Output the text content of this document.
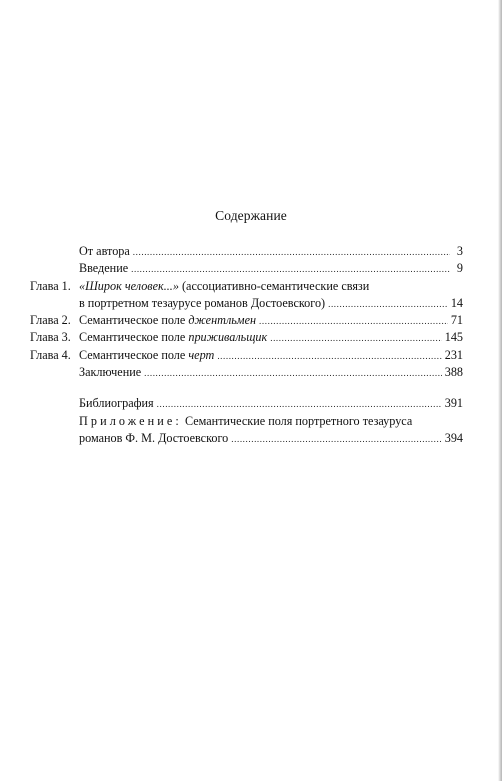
Содержание
От автора .....	3
Введение .....	9
Глава 1. «Широк человек...» (ассоциативно-семантические связи
в портретном тезаурусе романов Достоевского) .....	14
Глава 2. Семантическое поле джентльмен .....	71
Глава 3. Семантическое поле приживальщик .....	145
Глава 4. Семантическое поле черт .....	231
Заключение .....	388
Библиография .....	391
Приложение: Семантические поля портретного тезауруса
романов Ф. М. Достоевского .....	394
